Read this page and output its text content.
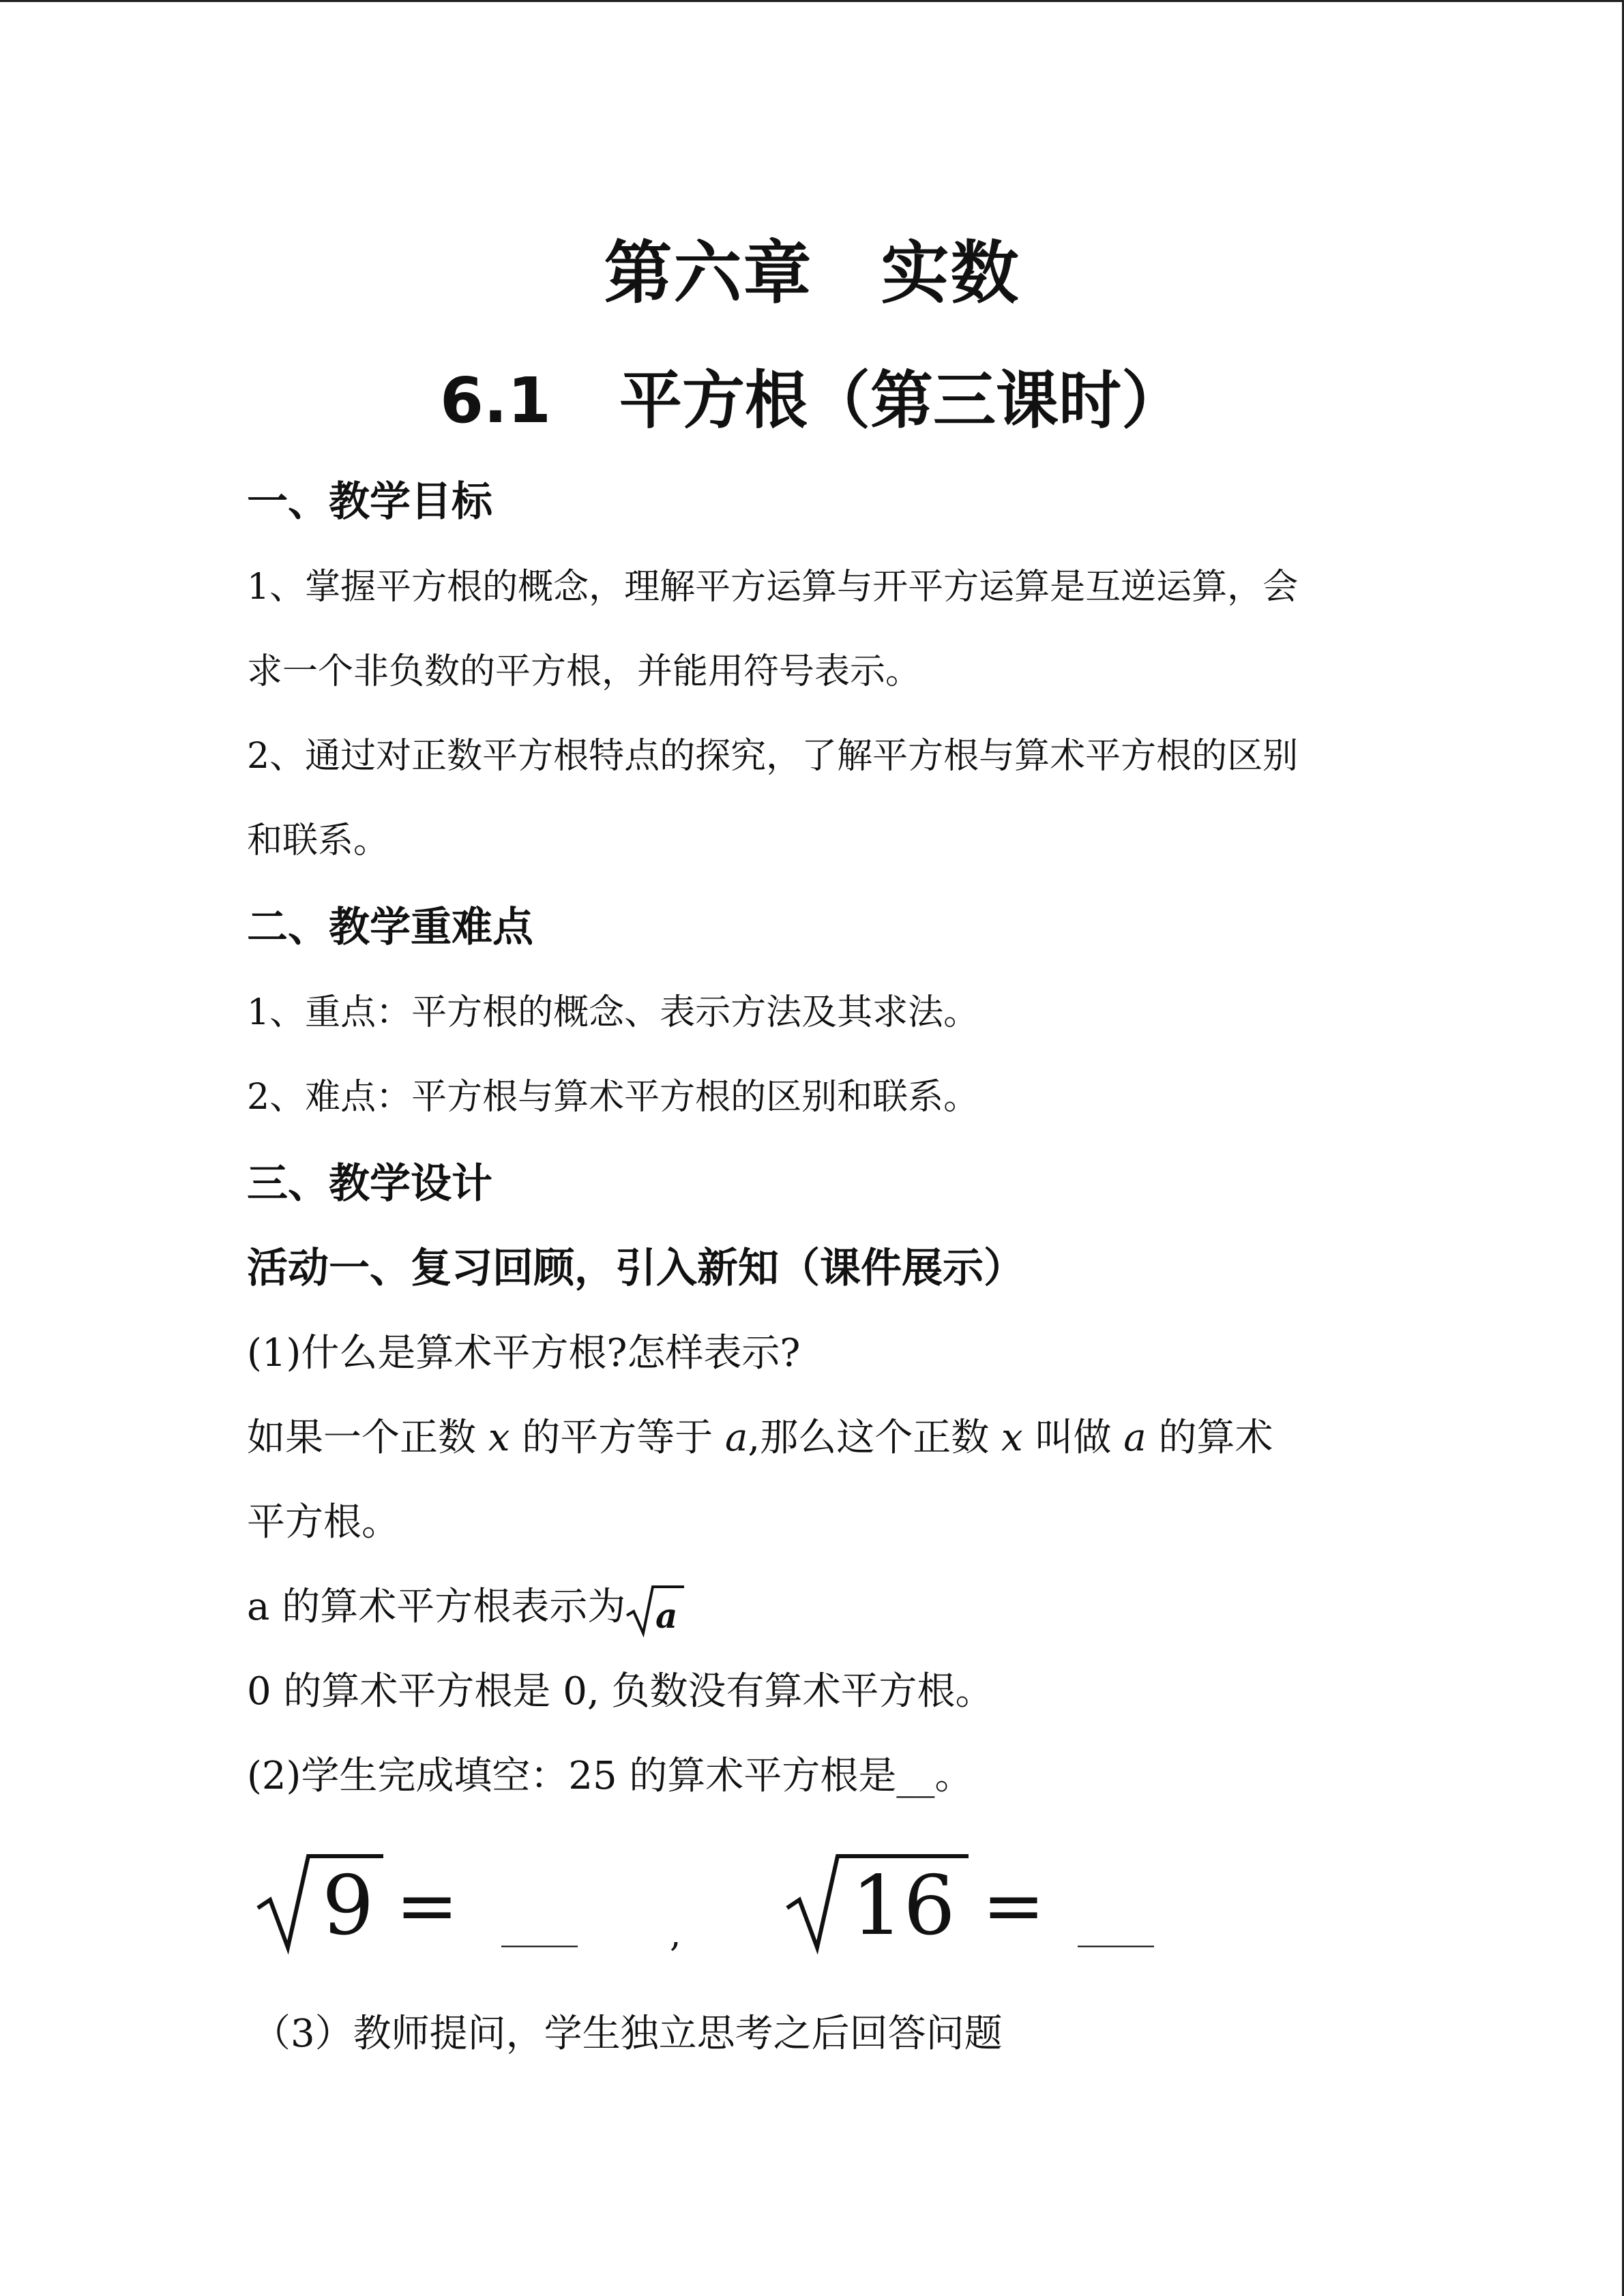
第六章 实数
6.1 平方根（第三课时）
一、教学目标
1、掌握平方根的概念，理解平方运算与开平方运算是互逆运算，会
求一个非负数的平方根，并能用符号表示。
2、通过对正数平方根特点的探究，了解平方根与算术平方根的区别
和联系。
二、教学重难点
1、重点：平方根的概念、表示方法及其求法。
2、难点：平方根与算术平方根的区别和联系。
三、教学设计
活动一、复习回顾，引入新知（课件展示）
(1)什么是算术平方根?怎样表示?
如果一个正数 x 的平方等于 a,那么这个正数 x 叫做 a 的算术
平方根。
a 的算术平方根表示为 a
0 的算术平方根是 0, 负数没有算术平方根。
(2)学生完成填空：25 的算术平方根是__。
9 = ____	, 16 = ____
（3）教师提问，学生独立思考之后回答问题
